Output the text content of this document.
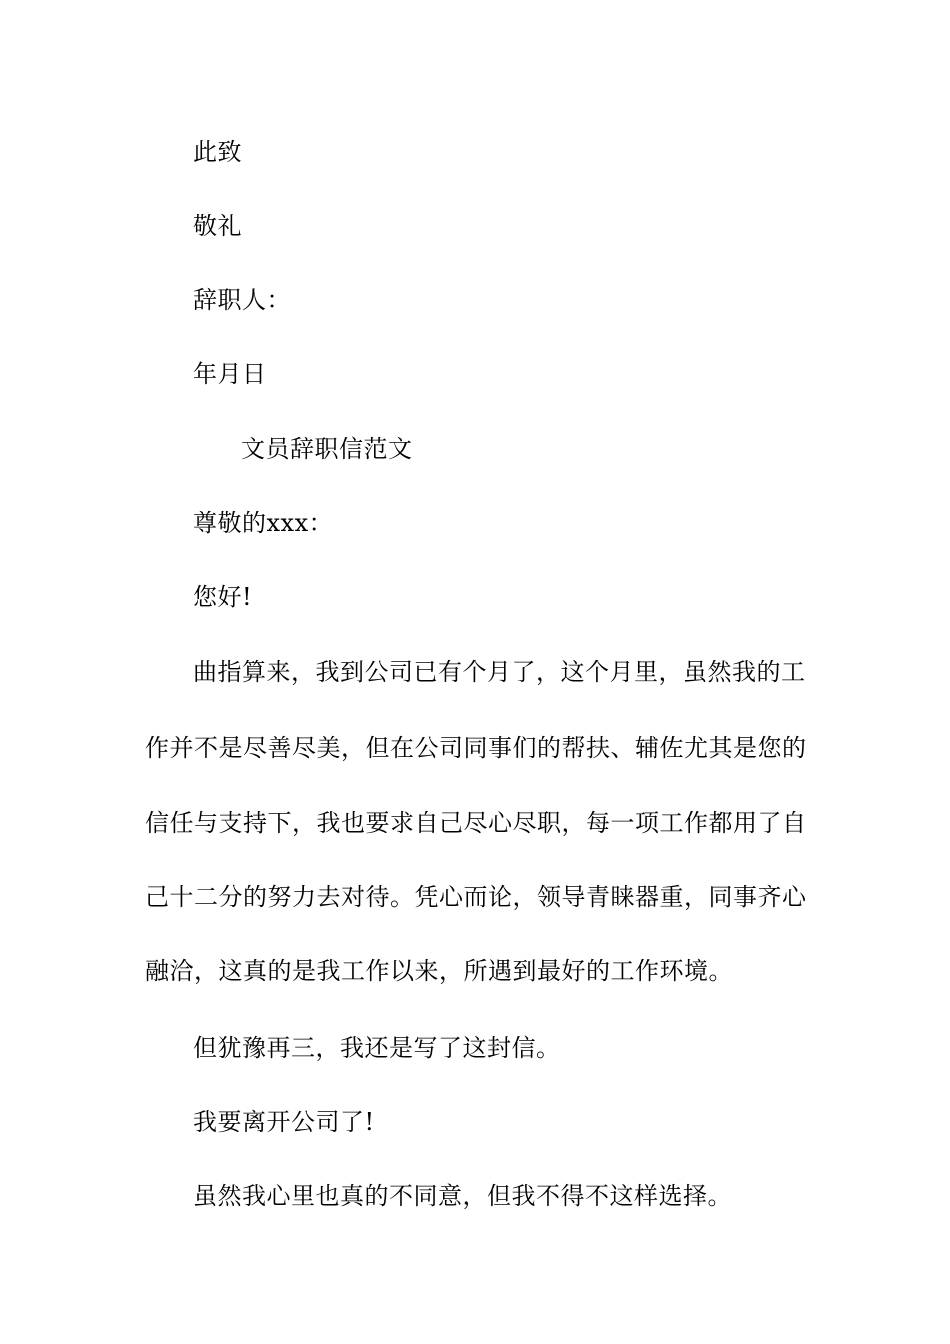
此致
敬礼
辞职人：
年月日
文员辞职信范文
尊敬的xxx：
您好!
曲指算来，我到公司已有个月了，这个月里，虽然我的工
作并不是尽善尽美，但在公司同事们的帮扶、辅佐尤其是您的
信任与支持下，我也要求自己尽心尽职，每一项工作都用了自
己十二分的努力去对待。凭心而论，领导青睐器重，同事齐心
融洽，这真的是我工作以来，所遇到最好的工作环境。
但犹豫再三，我还是写了这封信。
我要离开公司了!
虽然我心里也真的不同意，但我不得不这样选择。
